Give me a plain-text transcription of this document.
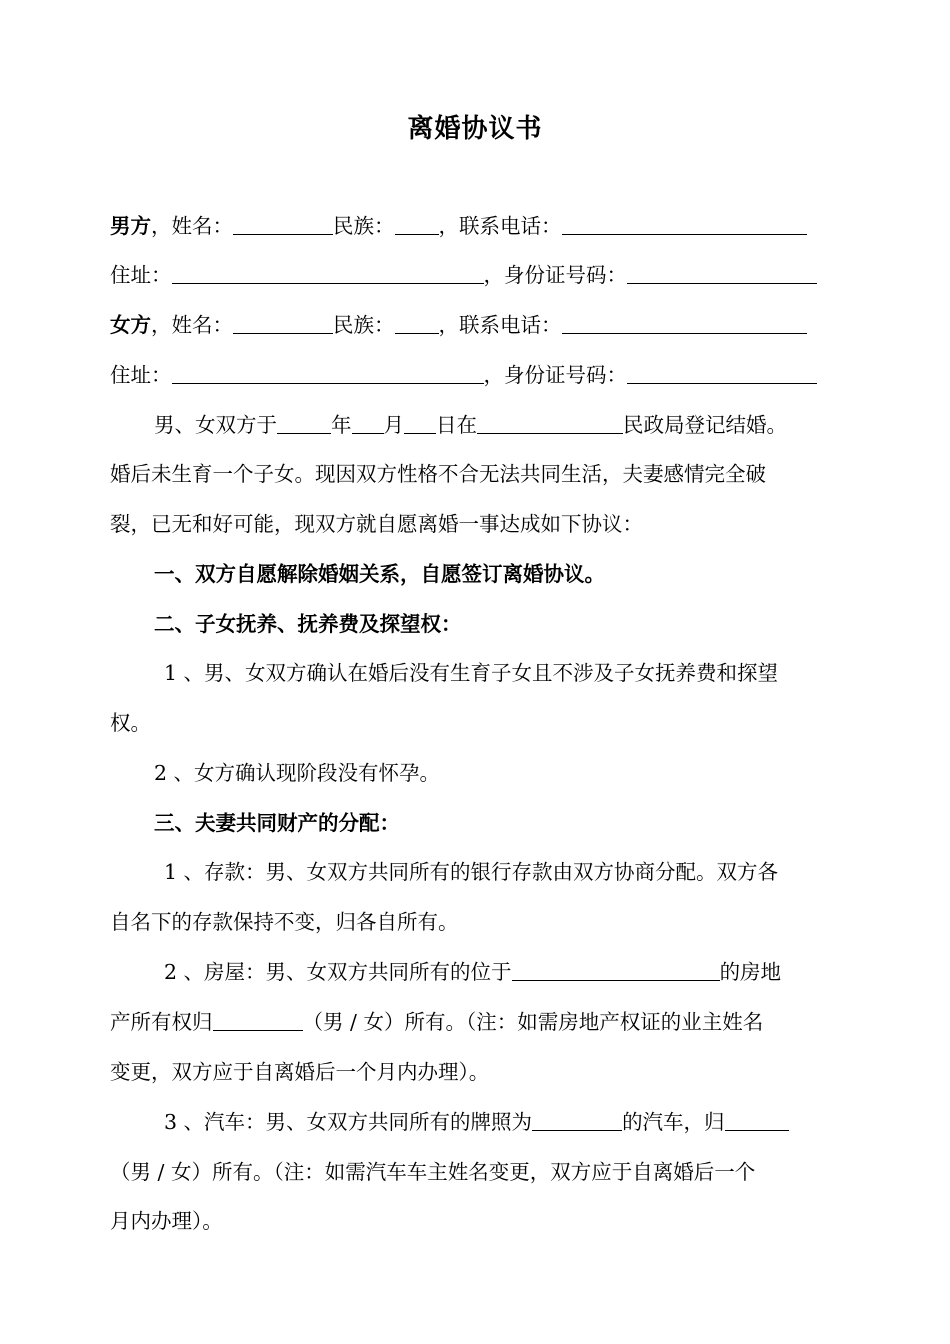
离婚协议书
男方，姓名：	民族： ，联系电话：
住址：	，身份证号码：
女方，姓名：	民族： ，联系电话：
住址：	，身份证号码：
男、女双方于	年 月 日在	民政局登记结婚。
婚后未生育一个子女。现因双方性格不合无法共同生活，夫妻感情完全破
裂，已无和好可能，现双方就自愿离婚一事达成如下协议：
一、双方自愿解除婚姻关系，自愿签订离婚协议。
二、子女抚养、抚养费及探望权：
1 、男、女双方确认在婚后没有生育子女且不涉及子女抚养费和探望
权。
2 、女方确认现阶段没有怀孕。
三、夫妻共同财产的分配：
1 、存款：男、女双方共同所有的银行存款由双方协商分配。双方各
自名下的存款保持不变，归各自所有。
2 、房屋：男、女双方共同所有的位于	的房地
产所有权归	（男 / 女）所有。（注：如需房地产权证的业主姓名
变更，双方应于自离婚后一个月内办理）。
3 、汽车：男、女双方共同所有的牌照为	的汽车，归
（男 / 女）所有。（注：如需汽车车主姓名变更，双方应于自离婚后一个
月内办理）。
